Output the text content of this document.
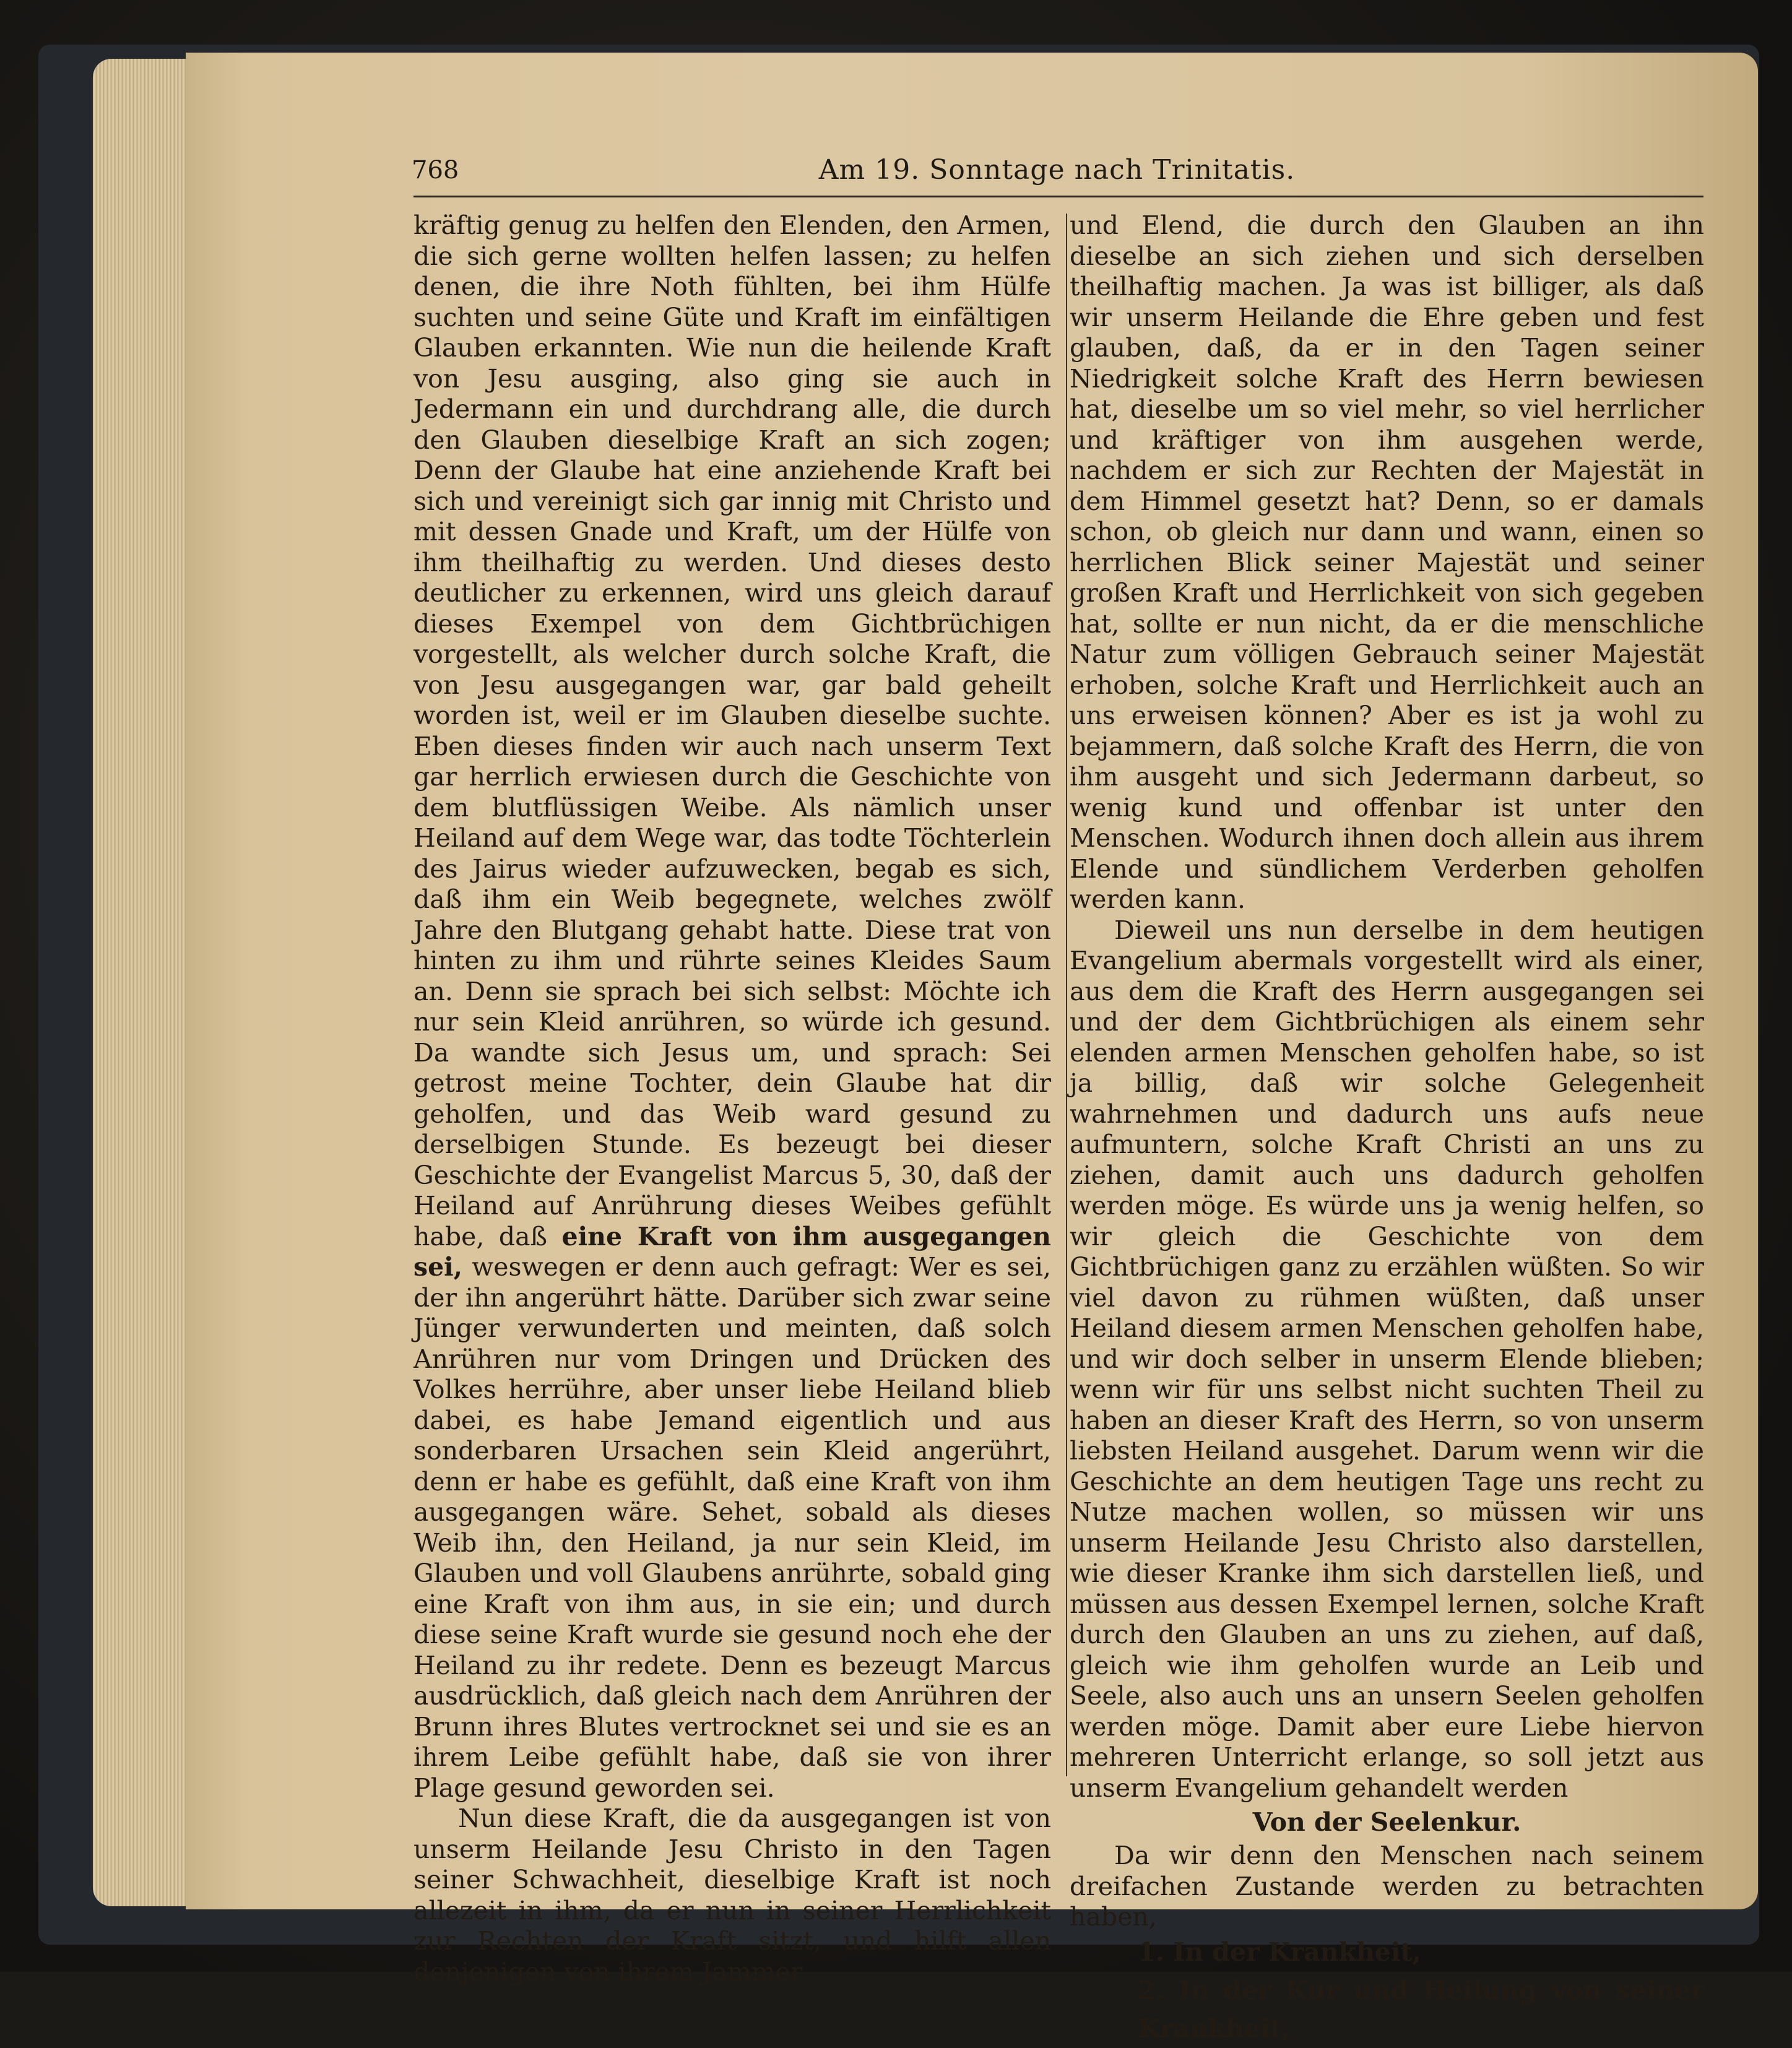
768	Am 19. Sonntage nach Trinitatis.

kräftig genug zu helfen den Elenden, den Armen, die sich gerne wollten helfen lassen; zu helfen denen, die ihre Noth fühlten, bei ihm Hülfe suchten und seine Güte und Kraft im einfältigen Glauben erkannten. Wie nun die heilende Kraft von Jesu ausging, also ging sie auch in Jedermann ein und durchdrang alle, die durch den Glauben dieselbige Kraft an sich zogen; Denn der Glaube hat eine anziehende Kraft bei sich und vereinigt sich gar innig mit Christo und mit dessen Gnade und Kraft, um der Hülfe von ihm theilhaftig zu werden. Und dieses desto deutlicher zu erkennen, wird uns gleich darauf dieses Exempel von dem Gichtbrüchigen vorgestellt, als welcher durch solche Kraft, die von Jesu ausgegangen war, gar bald geheilt worden ist, weil er im Glauben dieselbe suchte. Eben dieses finden wir auch nach unserm Text gar herrlich erwiesen durch die Geschichte von dem blutflüssigen Weibe. Als nämlich unser Heiland auf dem Wege war, das todte Töchterlein des Jairus wieder aufzuwecken, begab es sich, daß ihm ein Weib begegnete, welches zwölf Jahre den Blutgang gehabt hatte. Diese trat von hinten zu ihm und rührte seines Kleides Saum an. Denn sie sprach bei sich selbst: Möchte ich nur sein Kleid anrühren, so würde ich gesund. Da wandte sich Jesus um, und sprach: Sei getrost meine Tochter, dein Glaube hat dir geholfen, und das Weib ward gesund zu derselbigen Stunde. Es bezeugt bei dieser Geschichte der Evangelist Marcus 5, 30, daß der Heiland auf Anrührung dieses Weibes gefühlt habe, daß eine Kraft von ihm ausgegangen sei, weswegen er denn auch gefragt: Wer es sei, der ihn angerührt hätte. Darüber sich zwar seine Jünger verwunderten und meinten, daß solch Anrühren nur vom Dringen und Drücken des Volkes herrühre, aber unser liebe Heiland blieb dabei, es habe Jemand eigentlich und aus sonderbaren Ursachen sein Kleid angerührt, denn er habe es gefühlt, daß eine Kraft von ihm ausgegangen wäre. Sehet, sobald als dieses Weib ihn, den Heiland, ja nur sein Kleid, im Glauben und voll Glaubens anrührte, sobald ging eine Kraft von ihm aus, in sie ein; und durch diese seine Kraft wurde sie gesund noch ehe der Heiland zu ihr redete. Denn es bezeugt Marcus ausdrücklich, daß gleich nach dem Anrühren der Brunn ihres Blutes vertrocknet sei und sie es an ihrem Leibe gefühlt habe, daß sie von ihrer Plage gesund geworden sei.

Nun diese Kraft, die da ausgegangen ist von unserm Heilande Jesu Christo in den Tagen seiner Schwachheit, dieselbige Kraft ist noch allezeit in ihm, da er nun in seiner Herrlichkeit zur Rechten der Kraft sitzt, und hilft allen denjenigen von ihrem Jammer

und Elend, die durch den Glauben an ihn dieselbe an sich ziehen und sich derselben theilhaftig machen. Ja was ist billiger, als daß wir unserm Heilande die Ehre geben und fest glauben, daß, da er in den Tagen seiner Niedrigkeit solche Kraft des Herrn bewiesen hat, dieselbe um so viel mehr, so viel herrlicher und kräftiger von ihm ausgehen werde, nachdem er sich zur Rechten der Majestät in dem Himmel gesetzt hat? Denn, so er damals schon, ob gleich nur dann und wann, einen so herrlichen Blick seiner Majestät und seiner großen Kraft und Herrlichkeit von sich gegeben hat, sollte er nun nicht, da er die menschliche Natur zum völligen Gebrauch seiner Majestät erhoben, solche Kraft und Herrlichkeit auch an uns erweisen können? Aber es ist ja wohl zu bejammern, daß solche Kraft des Herrn, die von ihm ausgeht und sich Jedermann darbeut, so wenig kund und offenbar ist unter den Menschen. Wodurch ihnen doch allein aus ihrem Elende und sündlichem Verderben geholfen werden kann.

Dieweil uns nun derselbe in dem heutigen Evangelium abermals vorgestellt wird als einer, aus dem die Kraft des Herrn ausgegangen sei und der dem Gichtbrüchigen als einem sehr elenden armen Menschen geholfen habe, so ist ja billig, daß wir solche Gelegenheit wahrnehmen und dadurch uns aufs neue aufmuntern, solche Kraft Christi an uns zu ziehen, damit auch uns dadurch geholfen werden möge. Es würde uns ja wenig helfen, so wir gleich die Geschichte von dem Gichtbrüchigen ganz zu erzählen wüßten. So wir viel davon zu rühmen wüßten, daß unser Heiland diesem armen Menschen geholfen habe, und wir doch selber in unserm Elende blieben; wenn wir für uns selbst nicht suchten Theil zu haben an dieser Kraft des Herrn, so von unserm liebsten Heiland ausgehet. Darum wenn wir die Geschichte an dem heutigen Tage uns recht zu Nutze machen wollen, so müssen wir uns unserm Heilande Jesu Christo also darstellen, wie dieser Kranke ihm sich darstellen ließ, und müssen aus dessen Exempel lernen, solche Kraft durch den Glauben an uns zu ziehen, auf daß, gleich wie ihm geholfen wurde an Leib und Seele, also auch uns an unsern Seelen geholfen werden möge. Damit aber eure Liebe hiervon mehreren Unterricht erlange, so soll jetzt aus unserm Evangelium gehandelt werden

Von der Seelenkur.

Da wir denn den Menschen nach seinem dreifachen Zustande werden zu betrachten haben,

1. In der Krankheit,

2. In der Kur und Heilung von seiner Krankheit,
